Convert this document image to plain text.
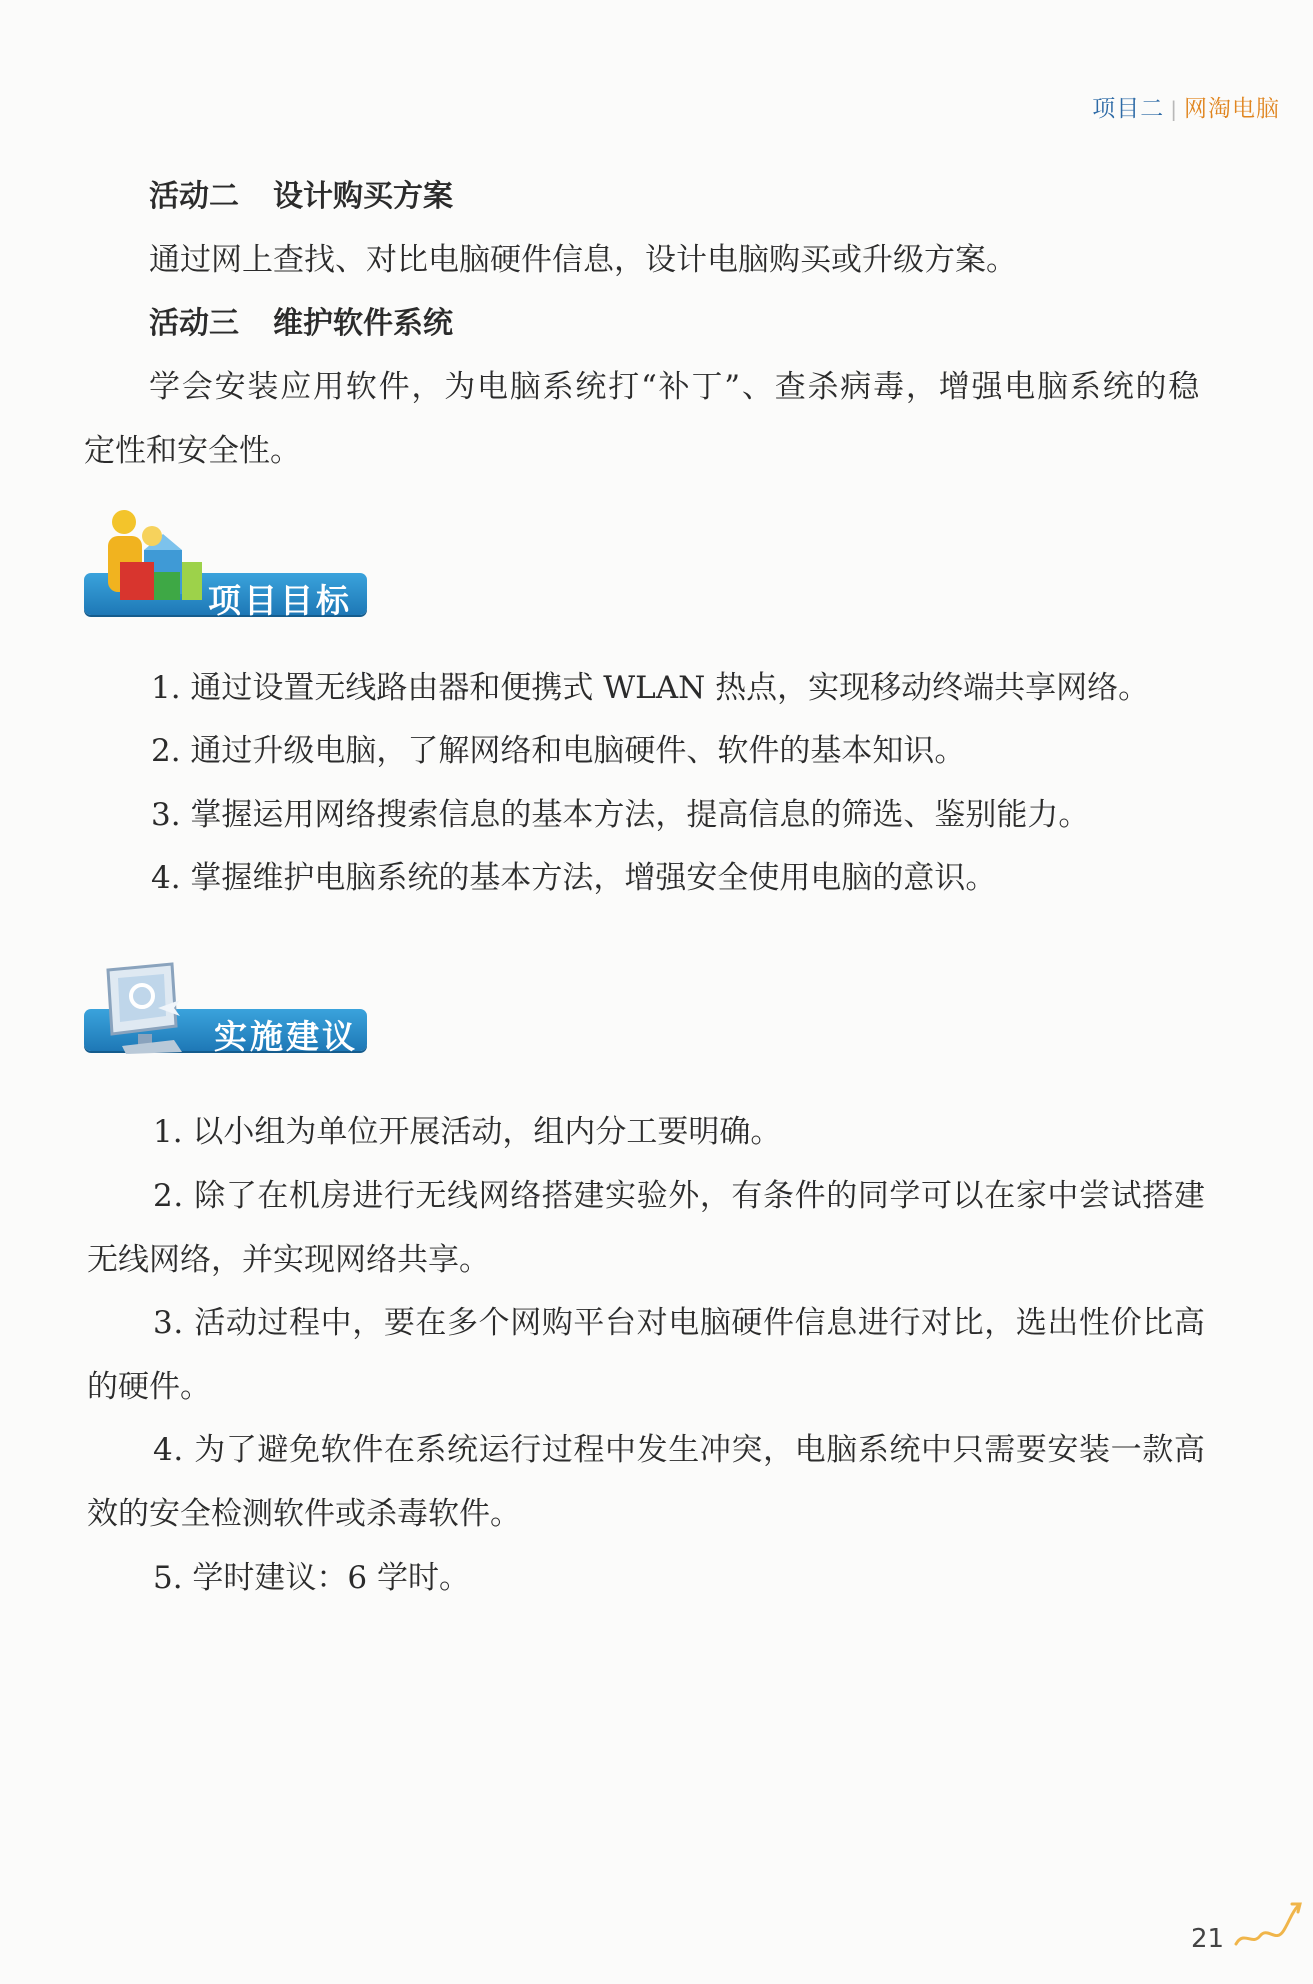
项目二 | 网淘电脑
活动二 设计购买方案
通过网上查找、对比电脑硬件信息，设计电脑购买或升级方案。
活动三 维护软件系统
学会安装应用软件，为电脑系统打“补丁”、查杀病毒，增强电脑系统的稳
定性和安全性。
项目目标
1. 通过设置无线路由器和便携式 WLAN 热点，实现移动终端共享网络。
2. 通过升级电脑，了解网络和电脑硬件、软件的基本知识。
3. 掌握运用网络搜索信息的基本方法，提高信息的筛选、鉴别能力。
4. 掌握维护电脑系统的基本方法，增强安全使用电脑的意识。
实施建议
1. 以小组为单位开展活动，组内分工要明确。
2. 除了在机房进行无线网络搭建实验外，有条件的同学可以在家中尝试搭建
无线网络，并实现网络共享。
3. 活动过程中，要在多个网购平台对电脑硬件信息进行对比，选出性价比高
的硬件。
4. 为了避免软件在系统运行过程中发生冲突，电脑系统中只需要安装一款高
效的安全检测软件或杀毒软件。
5. 学时建议：6 学时。
21
